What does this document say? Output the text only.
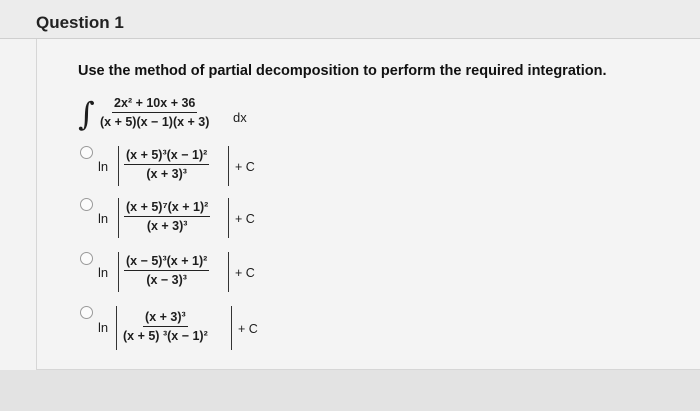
Question 1
Use the method of partial decomposition to perform the required integration.
∫ $\frac{\text{2x² + 10x + 36}}{(x + 5)(x - 1)(x + 3)}$ dx
$\ln \frac{\text{(x + 5)³(x − 1)²}}{\text{(x + 3)³}} + C$
$\ln \frac{\text{(x + 5)⁷(x + 1)²}}{\text{(x + 3)³}} + C$
$\ln \frac{\text{(x − 5)³(x + 1)²}}{\text{(x − 3)³}} + C$
$\ln \frac{\text{(x + 3)³}}{\text{(x + 5) ³(x − 1)²}} + C$
